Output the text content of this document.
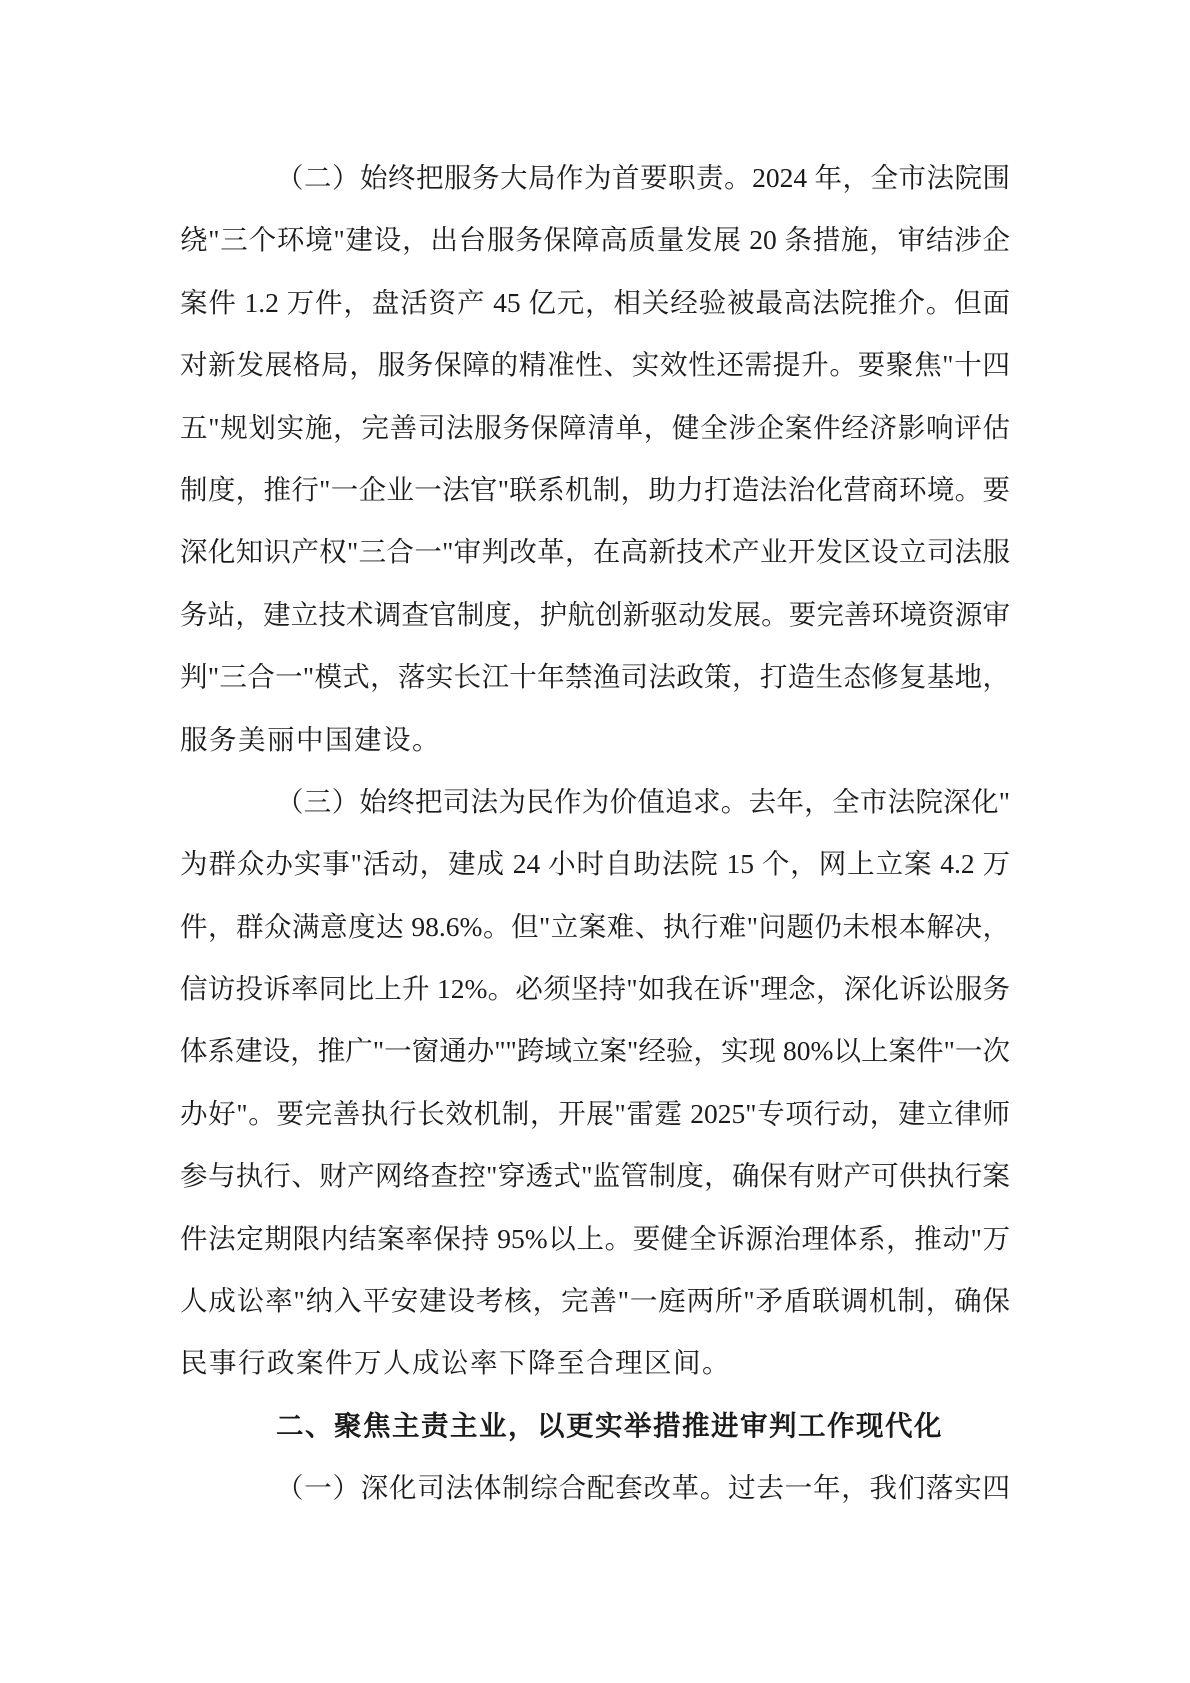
（二）始终把服务大局作为首要职责。2024 年，全市法院围
绕"三个环境"建设，出台服务保障高质量发展 20 条措施，审结涉企
案件 1.2 万件，盘活资产 45 亿元，相关经验被最高法院推介。但面
对新发展格局，服务保障的精准性、实效性还需提升。要聚焦"十四
五"规划实施，完善司法服务保障清单，健全涉企案件经济影响评估
制度，推行"一企业一法官"联系机制，助力打造法治化营商环境。要
深化知识产权"三合一"审判改革，在高新技术产业开发区设立司法服
务站，建立技术调查官制度，护航创新驱动发展。要完善环境资源审
判"三合一"模式，落实长江十年禁渔司法政策，打造生态修复基地，
服务美丽中国建设。
（三）始终把司法为民作为价值追求。去年，全市法院深化"
为群众办实事"活动，建成 24 小时自助法院 15 个，网上立案 4.2 万
件，群众满意度达 98.6%。但"立案难、执行难"问题仍未根本解决，
信访投诉率同比上升 12%。必须坚持"如我在诉"理念，深化诉讼服务
体系建设，推广"一窗通办""跨域立案"经验，实现 80%以上案件"一次
办好"。要完善执行长效机制，开展"雷霆 2025"专项行动，建立律师
参与执行、财产网络查控"穿透式"监管制度，确保有财产可供执行案
件法定期限内结案率保持 95%以上。要健全诉源治理体系，推动"万
人成讼率"纳入平安建设考核，完善"一庭两所"矛盾联调机制，确保
民事行政案件万人成讼率下降至合理区间。
二、聚焦主责主业，以更实举措推进审判工作现代化
（一）深化司法体制综合配套改革。过去一年，我们落实四
